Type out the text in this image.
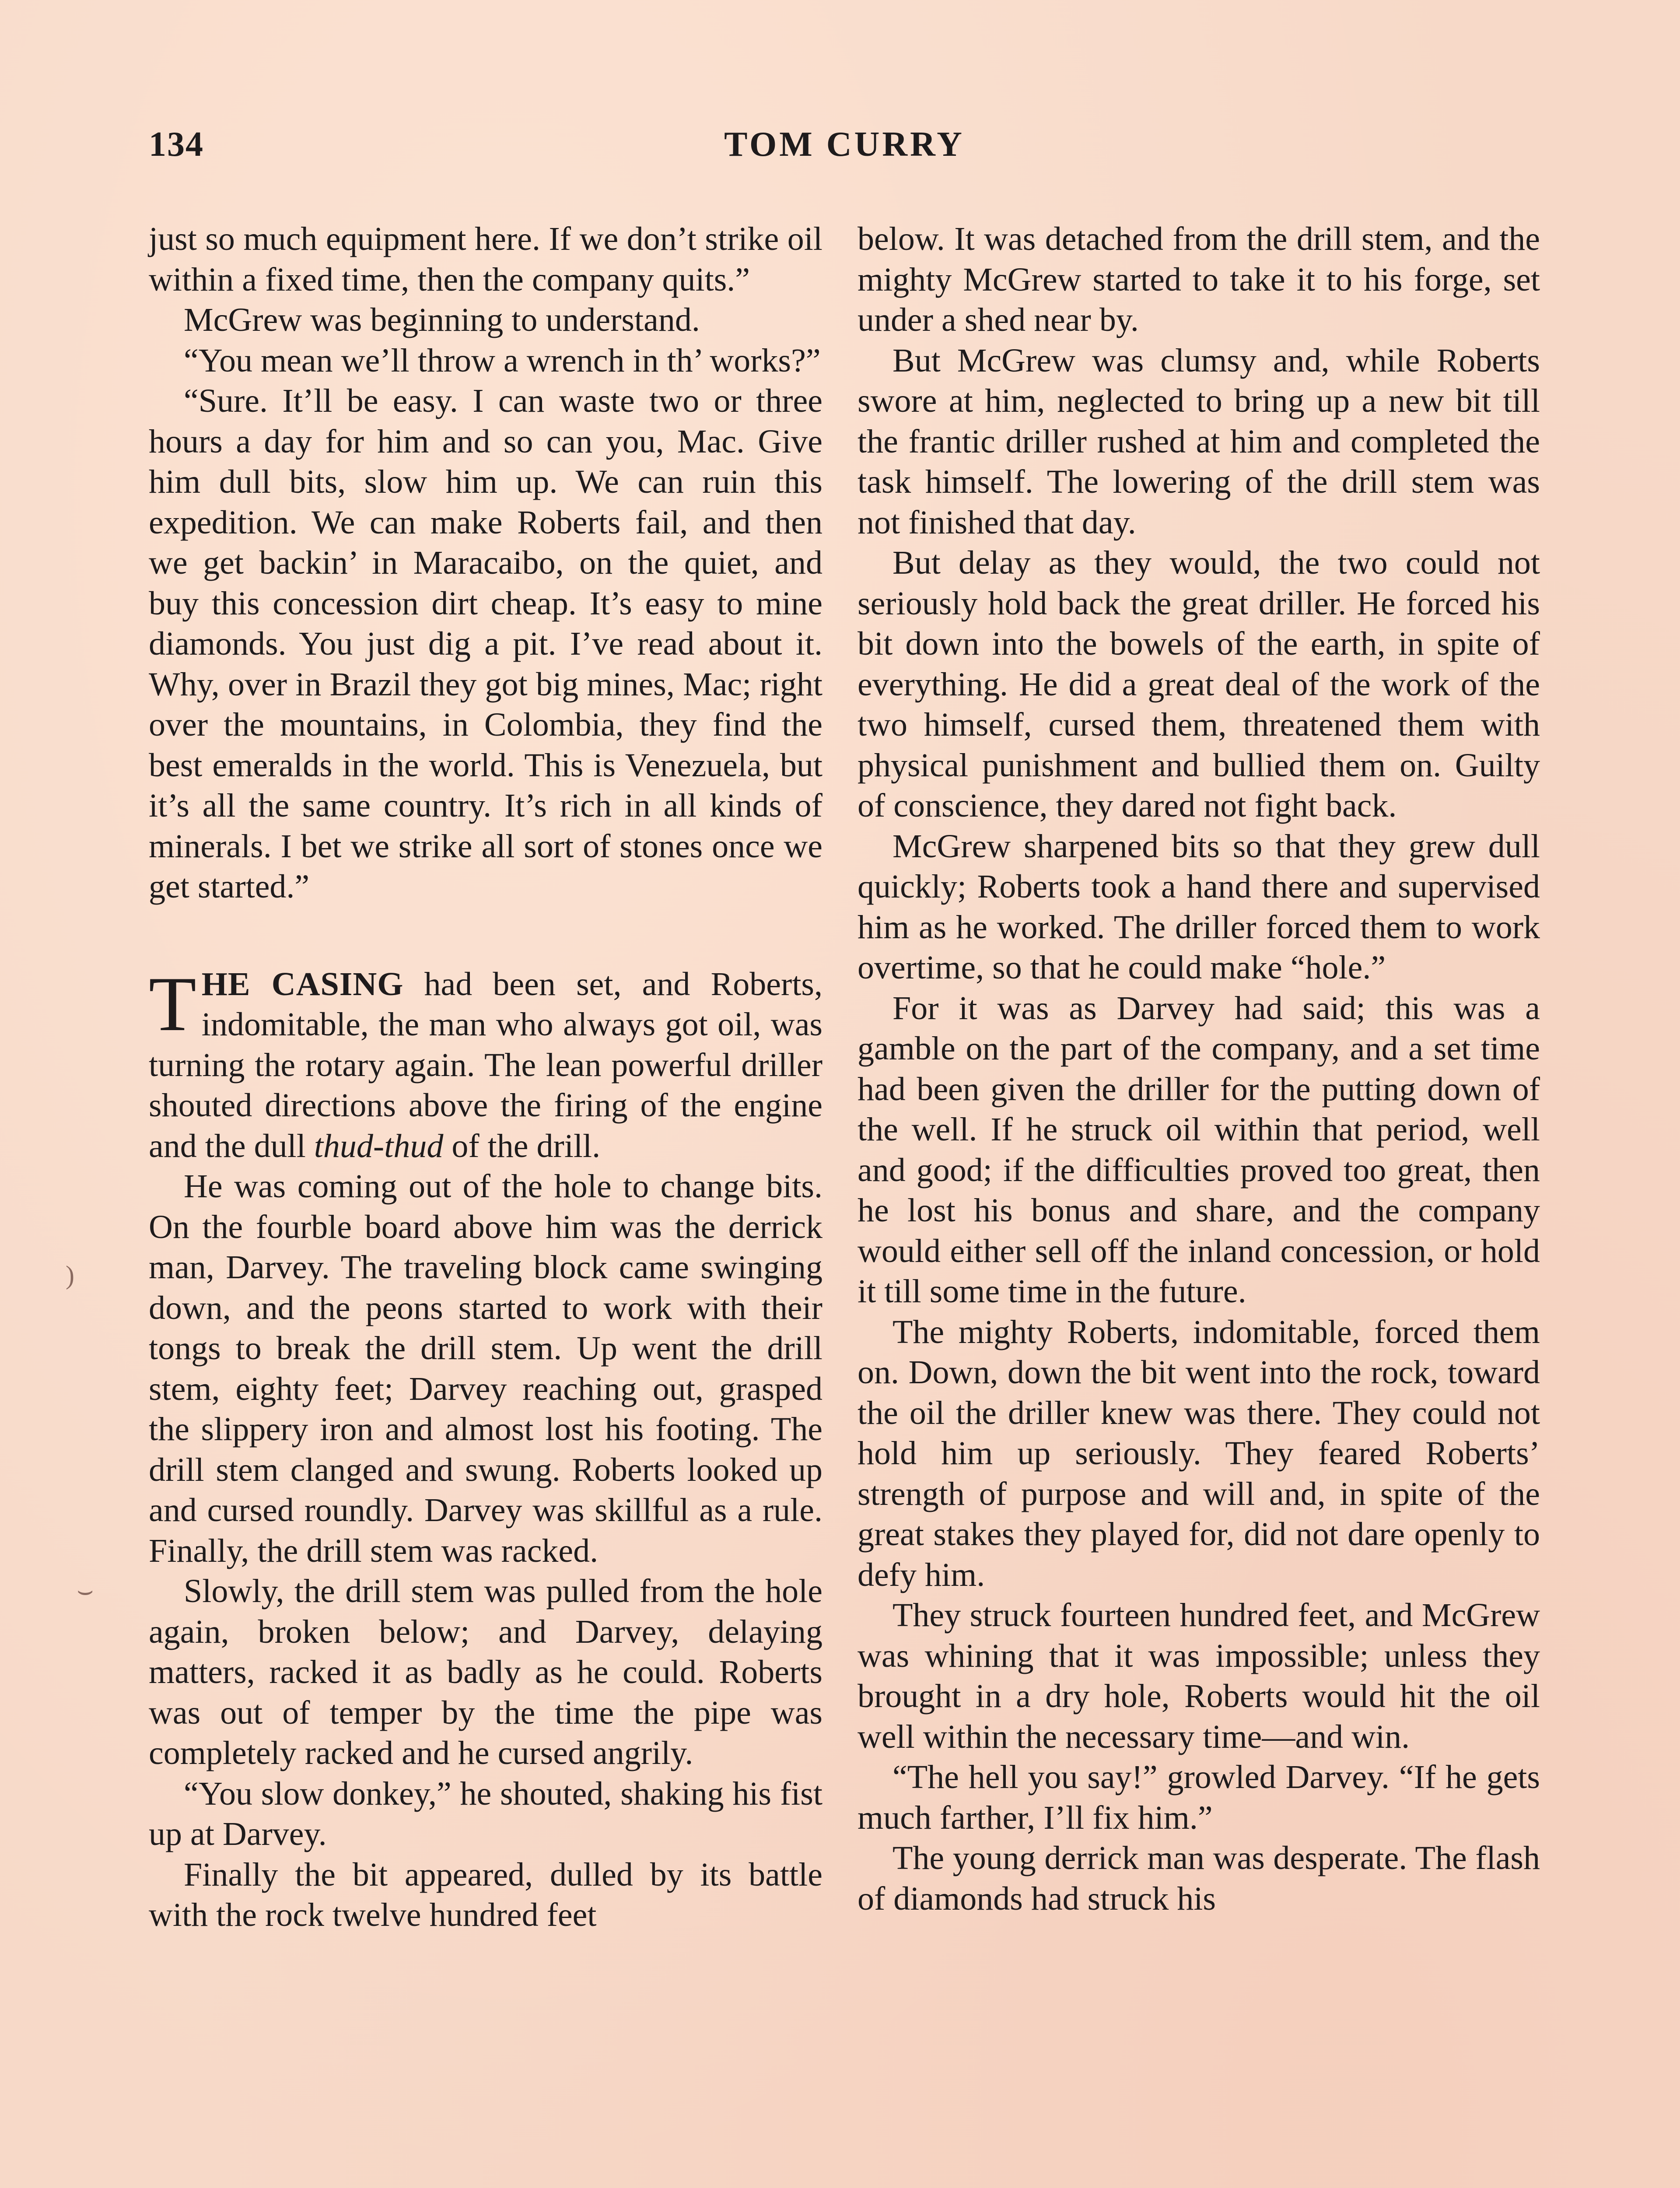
134	TOM CURRY

just so much equipment here. If we don’t strike oil within a fixed time, then the company quits.”

McGrew was beginning to understand.

“You mean we’ll throw a wrench in th’ works?”

“Sure. It’ll be easy. I can waste two or three hours a day for him and so can you, Mac. Give him dull bits, slow him up. We can ruin this expedition. We can make Roberts fail, and then we get backin’ in Maracaibo, on the quiet, and buy this concession dirt cheap. It’s easy to mine diamonds. You just dig a pit. I’ve read about it. Why, over in Brazil they got big mines, Mac; right over the mountains, in Colombia, they find the best emeralds in the world. This is Venezuela, but it’s all the same country. It’s rich in all kinds of minerals. I bet we strike all sort of stones once we get started.”

THE CASING had been set, and Roberts, indomitable, the man who always got oil, was turning the rotary again. The lean powerful driller shouted directions above the firing of the engine and the dull thud-thud of the drill.

He was coming out of the hole to change bits. On the fourble board above him was the derrick man, Darvey. The traveling block came swinging down, and the peons started to work with their tongs to break the drill stem. Up went the drill stem, eighty feet; Darvey reaching out, grasped the slippery iron and almost lost his footing. The drill stem clanged and swung. Roberts looked up and cursed roundly. Darvey was skillful as a rule. Finally, the drill stem was racked.

Slowly, the drill stem was pulled from the hole again, broken below; and Darvey, delaying matters, racked it as badly as he could. Roberts was out of temper by the time the pipe was completely racked and he cursed angrily.

“You slow donkey,” he shouted, shaking his fist up at Darvey.

Finally the bit appeared, dulled by its battle with the rock twelve hundred feet

below. It was detached from the drill stem, and the mighty McGrew started to take it to his forge, set under a shed near by.

But McGrew was clumsy and, while Roberts swore at him, neglected to bring up a new bit till the frantic driller rushed at him and completed the task himself. The lowering of the drill stem was not finished that day.

But delay as they would, the two could not seriously hold back the great driller. He forced his bit down into the bowels of the earth, in spite of everything. He did a great deal of the work of the two himself, cursed them, threatened them with physical punishment and bullied them on. Guilty of conscience, they dared not fight back.

McGrew sharpened bits so that they grew dull quickly; Roberts took a hand there and supervised him as he worked. The driller forced them to work overtime, so that he could make “hole.”

For it was as Darvey had said; this was a gamble on the part of the company, and a set time had been given the driller for the putting down of the well. If he struck oil within that period, well and good; if the difficulties proved too great, then he lost his bonus and share, and the company would either sell off the inland concession, or hold it till some time in the future.

The mighty Roberts, indomitable, forced them on. Down, down the bit went into the rock, toward the oil the driller knew was there. They could not hold him up seriously. They feared Roberts’ strength of purpose and will and, in spite of the great stakes they played for, did not dare openly to defy him.

They struck fourteen hundred feet, and McGrew was whining that it was impossible; unless they brought in a dry hole, Roberts would hit the oil well within the necessary time—and win.

“The hell you say!” growled Darvey. “If he gets much farther, I’ll fix him.”

The young derrick man was desperate. The flash of diamonds had struck his

)
⌣
